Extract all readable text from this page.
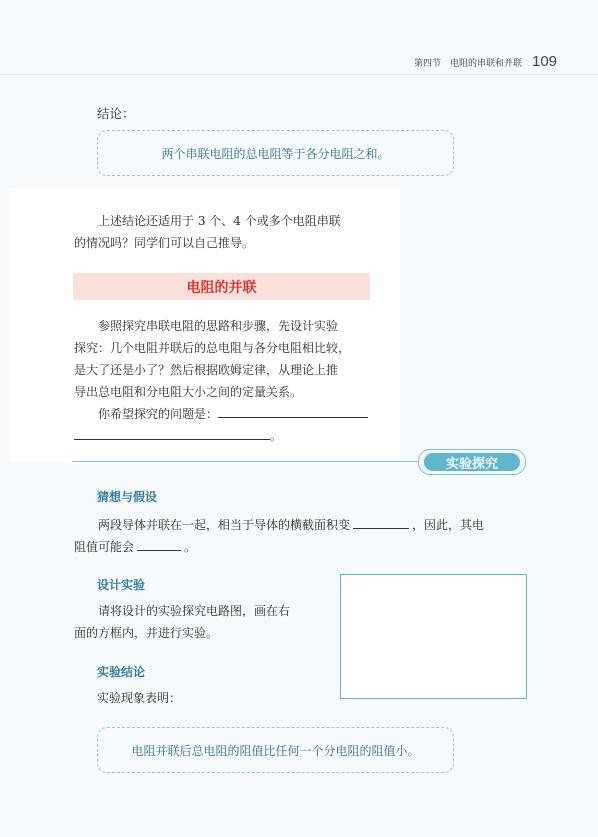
第四节　电阻的串联和并联 109
结论：
两个串联电阻的总电阻等于各分电阻之和。
上述结论还适用于 3 个、4 个或多个电阻串联
的情况吗？同学们可以自己推导。
电阻的并联
参照探究串联电阻的思路和步骤，先设计实验
探究：几个电阻并联后的总电阻与各分电阻相比较，
是大了还是小了？然后根据欧姆定律，从理论上推
导出总电阻和分电阻大小之间的定量关系。
你希望探究的问题是：
。
实验探究
猜想与假设
两段导体并联在一起，相当于导体的横截面积变	，因此，其电
阻值可能会	。
设计实验
请将设计的实验探究电路图，画在右
面的方框内，并进行实验。
实验结论
实验现象表明：
电阻并联后总电阻的阻值比任何一个分电阻的阻值小。
